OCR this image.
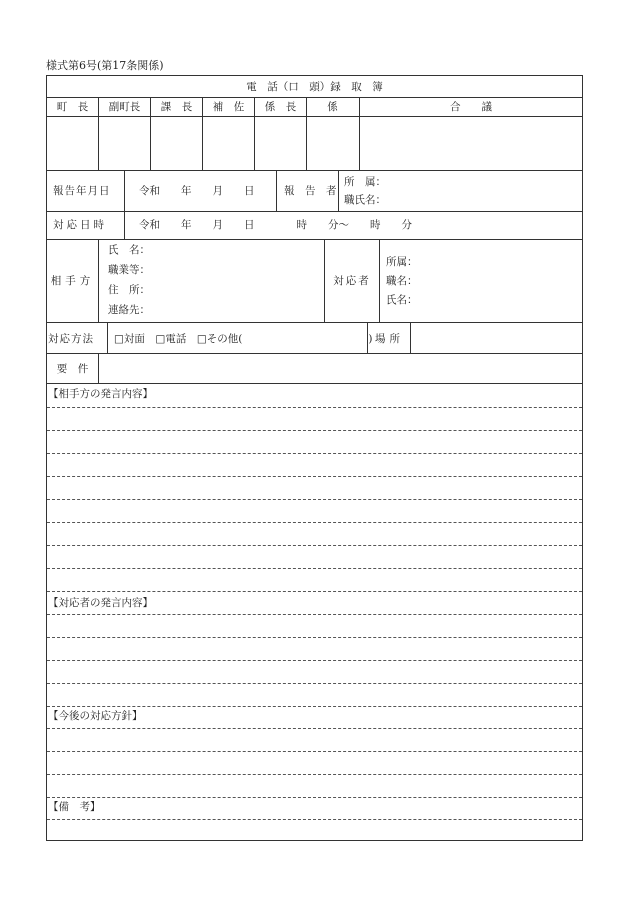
様式第6号(第17条関係)
電　話（口　頭）録　取　簿
町　長	副町長	課　長	補　佐	係　長	係	合　　議
報告年月日	令和　　年　　月　　日	報　告　者
所　属：
職氏名：
対応日時	令和　　年　　月　　日　　　　時　　分～　　時　　分
相手方
氏　名：
職業等：
住　所：
連絡先：
対応者
所属：
職名：
氏名：
対応方法 □対面　□電話　□その他(　　　　　　　　　　　　) 場所
要　件
【相手方の発言内容】
【対応者の発言内容】
【今後の対応方針】
【備　考】
